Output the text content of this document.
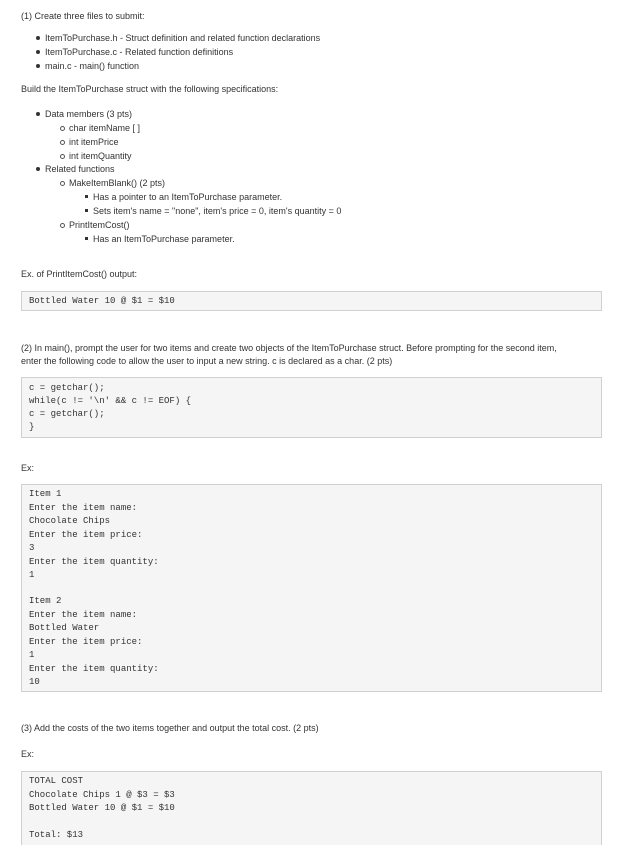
(1) Create three files to submit:
ItemToPurchase.h - Struct definition and related function declarations
ItemToPurchase.c - Related function definitions
main.c - main() function
Build the ItemToPurchase struct with the following specifications:
Data members (3 pts)
char itemName [ ]
int itemPrice
int itemQuantity
Related functions
MakeItemBlank() (2 pts)
Has a pointer to an ItemToPurchase parameter.
Sets item's name = "none", item's price = 0, item's quantity = 0
PrintItemCost()
Has an ItemToPurchase parameter.
Ex. of PrintItemCost() output:
Bottled Water 10 @ $1 = $10
(2) In main(), prompt the user for two items and create two objects of the ItemToPurchase struct. Before prompting for the second item,
enter the following code to allow the user to input a new string. c is declared as a char. (2 pts)
c = getchar();
while(c != '\n' && c != EOF) {
c = getchar();
}
Ex:
Item 1
Enter the item name:
Chocolate Chips
Enter the item price:
3
Enter the item quantity:
1
Item 2
Enter the item name:
Bottled Water
Enter the item price:
1
Enter the item quantity:
10
(3) Add the costs of the two items together and output the total cost. (2 pts)
Ex:
TOTAL COST
Chocolate Chips 1 @ $3 = $3
Bottled Water 10 @ $1 = $10
Total: $13
